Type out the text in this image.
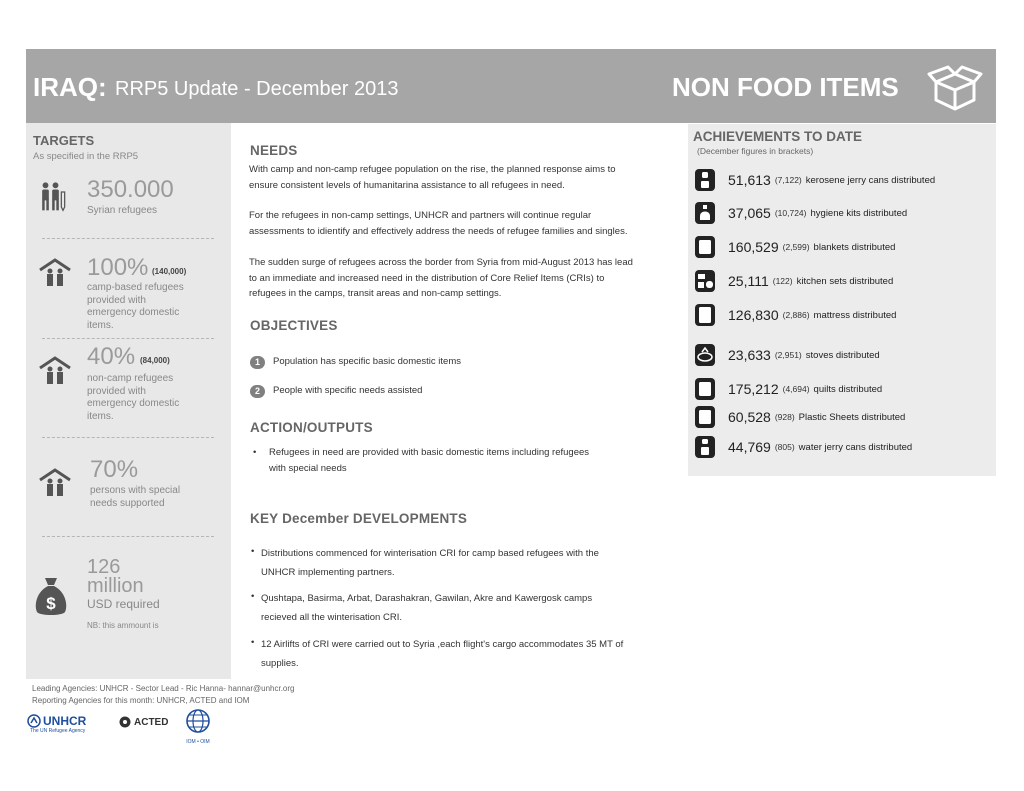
IRAQ: RRP5 Update - December 2013	NON FOOD ITEMS
TARGETS
As specified in the RRP5
350.000
Syrian refugees
100% (140,000)
camp-based refugees
provided with
emergency domestic
items.
40% (84,000)
non-camp refugees
provided with
emergency domestic
items.
70%
persons with special
needs supported
$
126
million
USD required
NB: this ammount is
NEEDS
With camp and non-camp refugee population on the rise, the planned response aims to
ensure consistent levels of humanitarina assistance to all refugees in need.
For the refugees in non-camp settings, UNHCR and partners will continue regular
assessments to idientify and effectively address the needs of refugee families and singles.
The sudden surge of refugees across the border from Syria from mid-August 2013 has lead
to an immediate and increased need in the distribution of Core Relief Items (CRIs) to
refugees in the camps, transit areas and non-camp settings.
OBJECTIVES
1	Population has specific basic domestic items
2	People with specific needs assisted
ACTION/OUTPUTS
• Refugees in need are provided with basic domestic items including refugees
with special needs
KEY December DEVELOPMENTS
• Distributions commenced for winterisation CRI for camp based refugees with the
UNHCR implementing partners.
• Qushtapa, Basirma, Arbat, Darashakran, Gawilan, Akre and Kawergosk camps
recieved all the winterisation CRI.
• 12 Airlifts of CRI were carried out to Syria ,each flight's cargo accommodates 35 MT of
supplies.
ACHIEVEMENTS TO DATE
(December figures in brackets)
51,613 (7,122) kerosene jerry cans distributed
37,065 (10,724) hygiene kits distributed
160,529 (2,599) blankets distributed
25,111 (122) kitchen sets distributed
126,830 (2,886) mattress distributed
23,633 (2,951) stoves distributed
175,212 (4,694) quilts distributed
60,528 (928) Plastic Sheets distributed
44,769 (805) water jerry cans distributed
Leading Agencies: UNHCR - Sector Lead - Ric Hanna- hannar@unhcr.org
Reporting Agencies for this month: UNHCR, ACTED and IOM
UNHCR
The UN Refugee Agency
ACTED
IOM • OIM
